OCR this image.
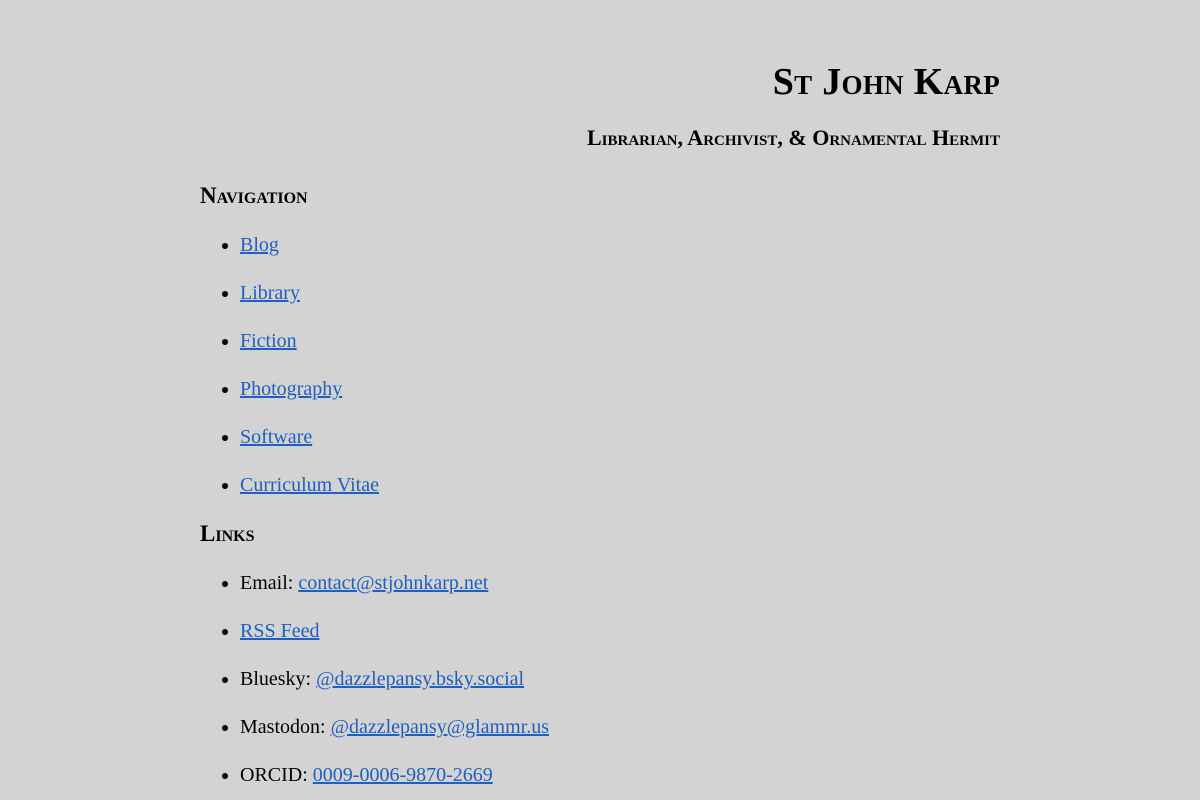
St John Karp
Librarian, Archivist, & Ornamental Hermit
Navigation
• Blog
• Library
• Fiction
• Photography
• Software
• Curriculum Vitae
Links
• Email: contact@stjohnkarp.net
• RSS Feed
• Bluesky: @dazzlepansy.bsky.social
• Mastodon: @dazzlepansy@glammr.us
• ORCID: 0009-0006-9870-2669
